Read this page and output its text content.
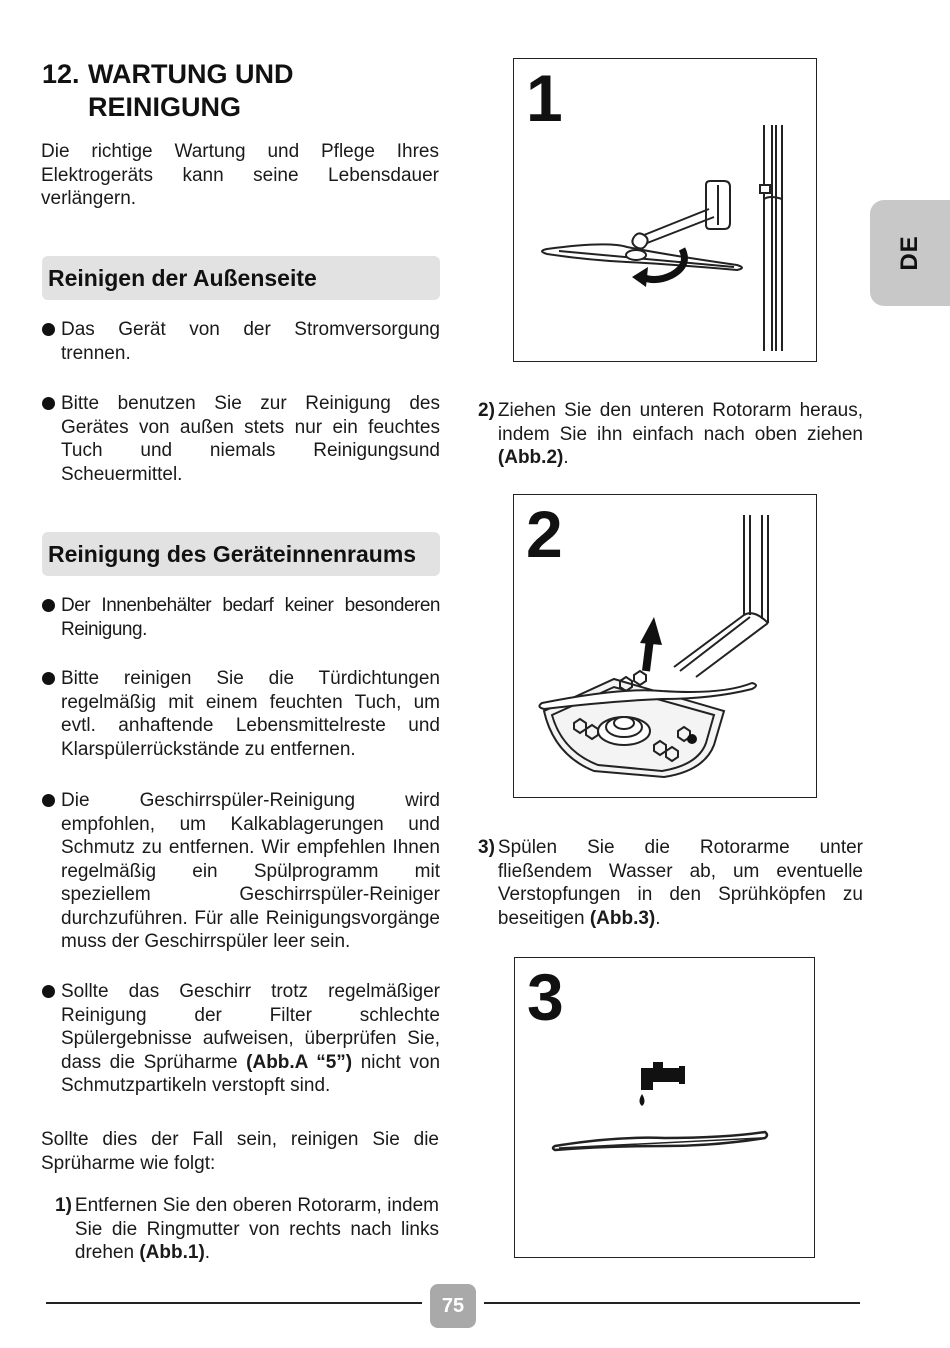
12. WARTUNG UND
REINIGUNG
Die richtige Wartung und Pflege Ihres Elektrogeräts kann seine Lebensdauer verlängern.
Reinigen der Außenseite
Das Gerät von der Stromversorgung trennen.
Bitte benutzen Sie zur Reinigung des Gerätes von außen stets nur ein feuchtes Tuch und niemals Reinigungsund Scheuermittel.
Reinigung des Geräteinnenraums
Der Innenbehälter bedarf keiner besonderen Reinigung.
Bitte reinigen Sie die Türdichtungen regelmäßig mit einem feuchten Tuch, um evtl. anhaftende Lebensmittelreste und Klarspülerrückstände zu entfernen.
Die Geschirrspüler-Reinigung wird empfohlen, um Kalkablagerungen und Schmutz zu entfernen. Wir empfehlen Ihnen regelmäßig ein Spülprogramm mit speziellem Geschirrspüler-Reiniger durchzuführen. Für alle Reinigungsvorgänge muss der Geschirrspüler leer sein.
Sollte das Geschirr trotz regelmäßiger Reinigung der Filter schlechte Spülergebnisse aufweisen, überprüfen Sie, dass die Sprüharme (Abb.A “5”) nicht von Schmutzpartikeln verstopft sind.
Sollte dies der Fall sein, reinigen Sie die Sprüharme wie folgt:
1) Entfernen Sie den oberen Rotorarm, indem Sie die Ringmutter von rechts nach links drehen (Abb.1).
1
2) Ziehen Sie den unteren Rotorarm heraus, indem Sie ihn einfach nach oben ziehen (Abb.2).
2
3) Spülen Sie die Rotorarme unter fließendem Wasser ab, um eventuelle Verstopfungen in den Sprühköpfen zu beseitigen (Abb.3).
3
DE
75
